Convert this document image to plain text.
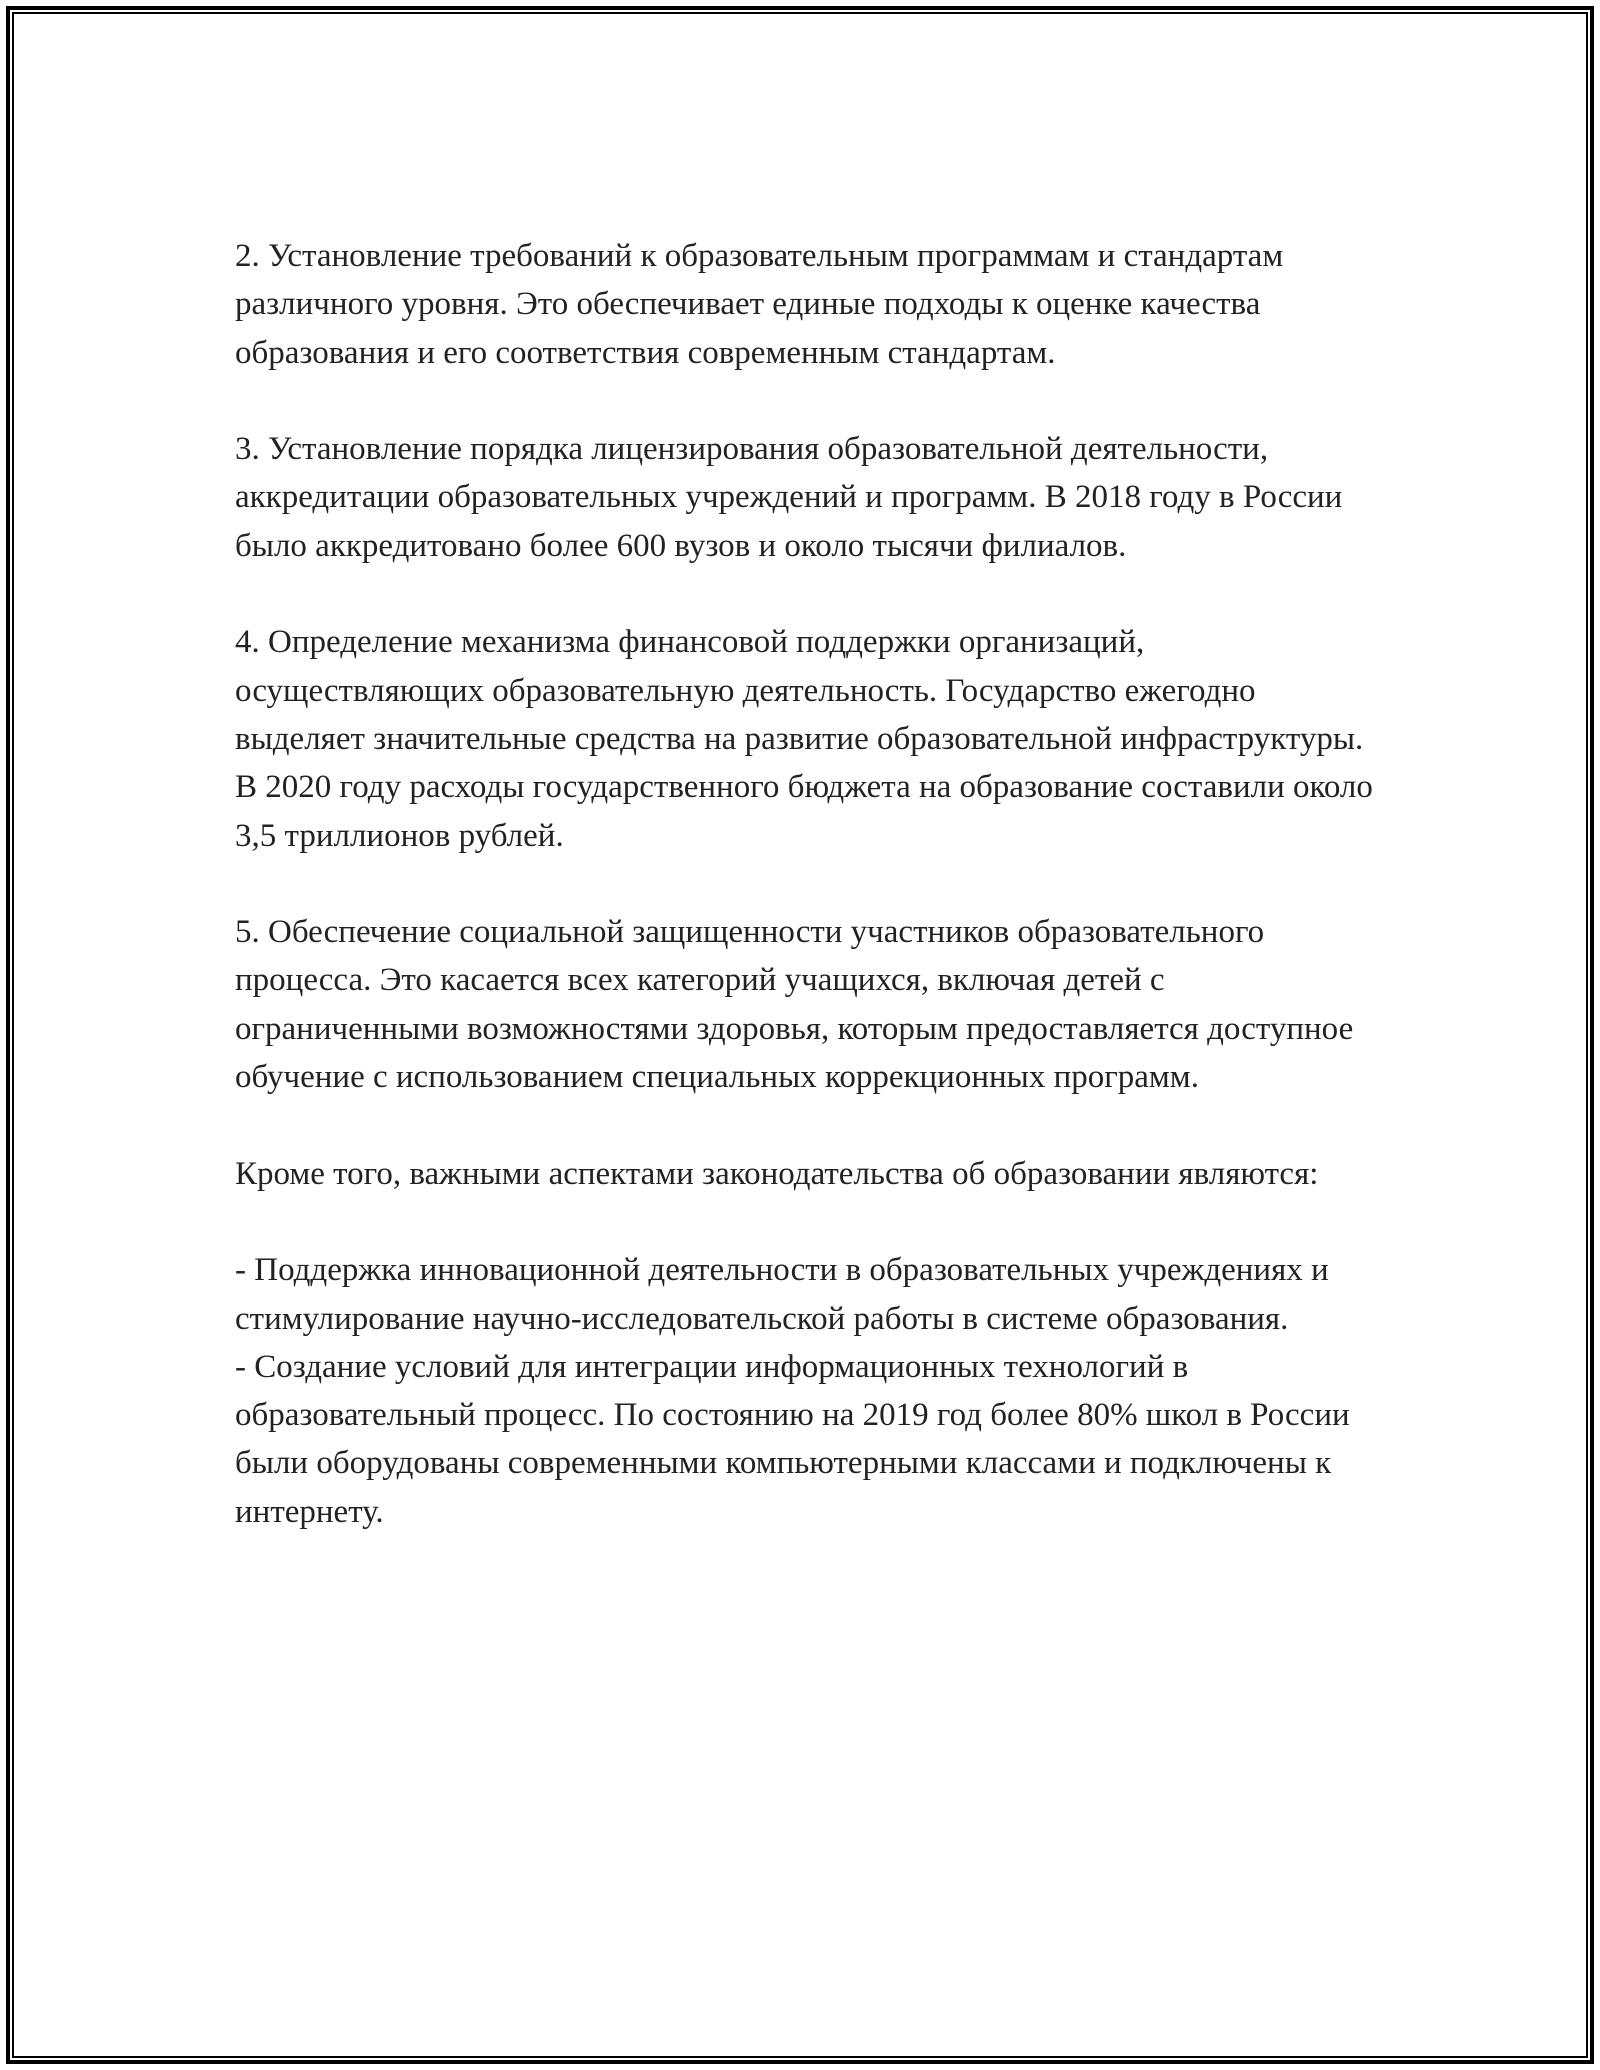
2. Установление требований к образовательным программам и стандартам различного уровня. Это обеспечивает единые подходы к оценке качества образования и его соответствия современным стандартам.

3. Установление порядка лицензирования образовательной деятельности, аккредитации образовательных учреждений и программ. В 2018 году в России было аккредитовано более 600 вузов и около тысячи филиалов.

4. Определение механизма финансовой поддержки организаций, осуществляющих образовательную деятельность. Государство ежегодно выделяет значительные средства на развитие образовательной инфраструктуры. В 2020 году расходы государственного бюджета на образование составили около 3,5 триллионов рублей.

5. Обеспечение социальной защищенности участников образовательного процесса. Это касается всех категорий учащихся, включая детей с ограниченными возможностями здоровья, которым предоставляется доступное обучение с использованием специальных коррекционных программ.

Кроме того, важными аспектами законодательства об образовании являются:

- Поддержка инновационной деятельности в образовательных учреждениях и стимулирование научно-исследовательской работы в системе образования.
- Создание условий для интеграции информационных технологий в образовательный процесс. По состоянию на 2019 год более 80% школ в России были оборудованы современными компьютерными классами и подключены к интернету.
